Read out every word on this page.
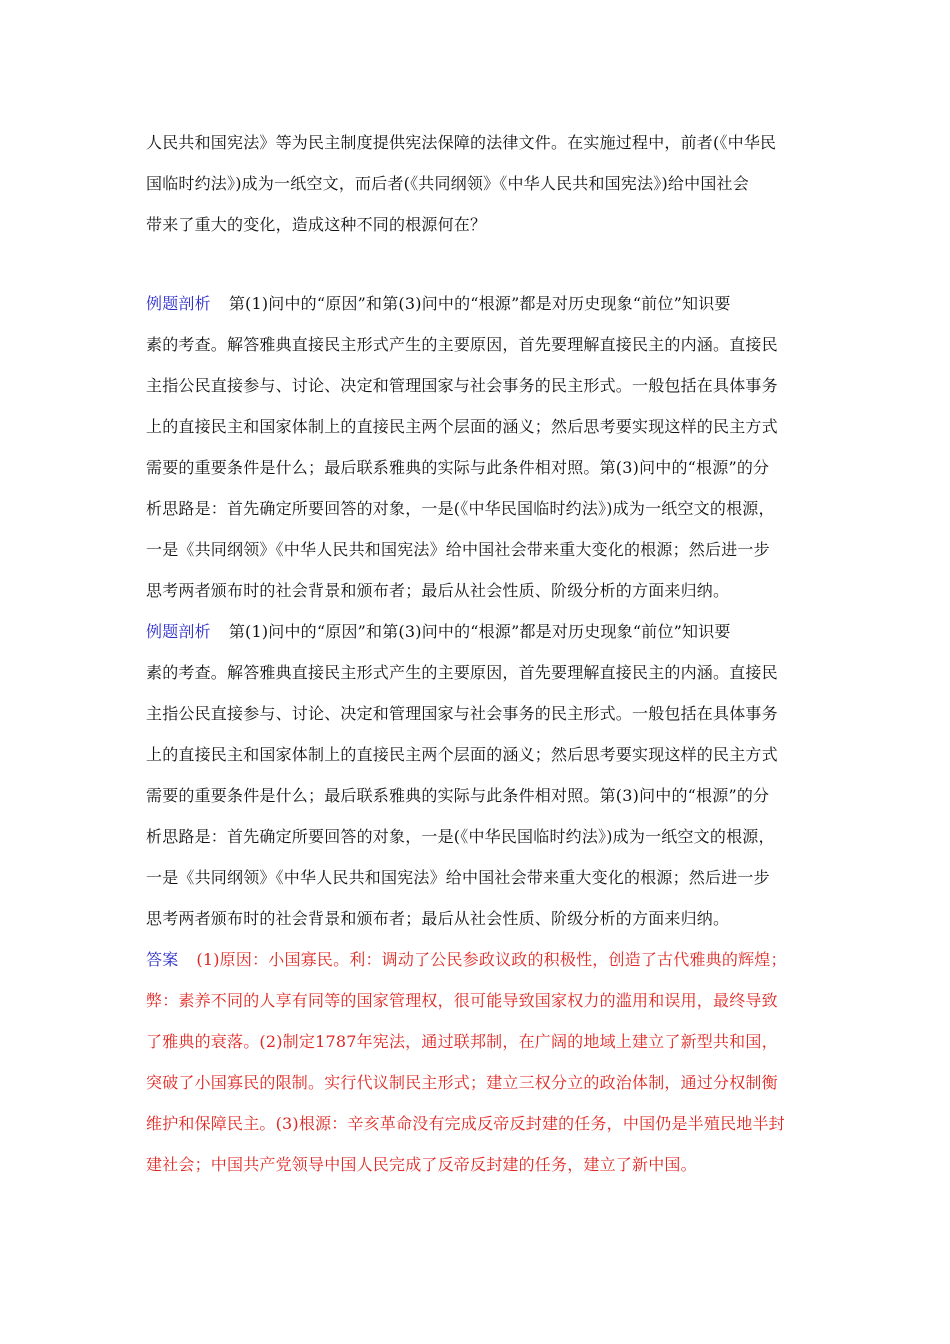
人民共和国宪法》等为民主制度提供宪法保障的法律文件。在实施过程中，前者(《中华民
国临时约法》)成为一纸空文，而后者(《共同纲领》《中华人民共和国宪法》)给中国社会
带来了重大的变化，造成这种不同的根源何在？

例题剖析 第(1)问中的“原因”和第(3)问中的“根源”都是对历史现象“前位”知识要
素的考查。解答雅典直接民主形式产生的主要原因，首先要理解直接民主的内涵。直接民
主指公民直接参与、讨论、决定和管理国家与社会事务的民主形式。一般包括在具体事务
上的直接民主和国家体制上的直接民主两个层面的涵义；然后思考要实现这样的民主方式
需要的重要条件是什么；最后联系雅典的实际与此条件相对照。第(3)问中的“根源”的分
析思路是：首先确定所要回答的对象，一是(《中华民国临时约法》)成为一纸空文的根源，
一是《共同纲领》《中华人民共和国宪法》给中国社会带来重大变化的根源；然后进一步
思考两者颁布时的社会背景和颁布者；最后从社会性质、阶级分析的方面来归纳。

例题剖析 第(1)问中的“原因”和第(3)问中的“根源”都是对历史现象“前位”知识要
素的考查。解答雅典直接民主形式产生的主要原因，首先要理解直接民主的内涵。直接民
主指公民直接参与、讨论、决定和管理国家与社会事务的民主形式。一般包括在具体事务
上的直接民主和国家体制上的直接民主两个层面的涵义；然后思考要实现这样的民主方式
需要的重要条件是什么；最后联系雅典的实际与此条件相对照。第(3)问中的“根源”的分
析思路是：首先确定所要回答的对象，一是(《中华民国临时约法》)成为一纸空文的根源，
一是《共同纲领》《中华人民共和国宪法》给中国社会带来重大变化的根源；然后进一步
思考两者颁布时的社会背景和颁布者；最后从社会性质、阶级分析的方面来归纳。

答案 (1)原因：小国寡民。利：调动了公民参政议政的积极性，创造了古代雅典的辉煌；
弊：素养不同的人享有同等的国家管理权，很可能导致国家权力的滥用和误用，最终导致
了雅典的衰落。(2)制定1787年宪法，通过联邦制，在广阔的地域上建立了新型共和国，
突破了小国寡民的限制。实行代议制民主形式；建立三权分立的政治体制，通过分权制衡
维护和保障民主。(3)根源：辛亥革命没有完成反帝反封建的任务，中国仍是半殖民地半封
建社会；中国共产党领导中国人民完成了反帝反封建的任务，建立了新中国。
